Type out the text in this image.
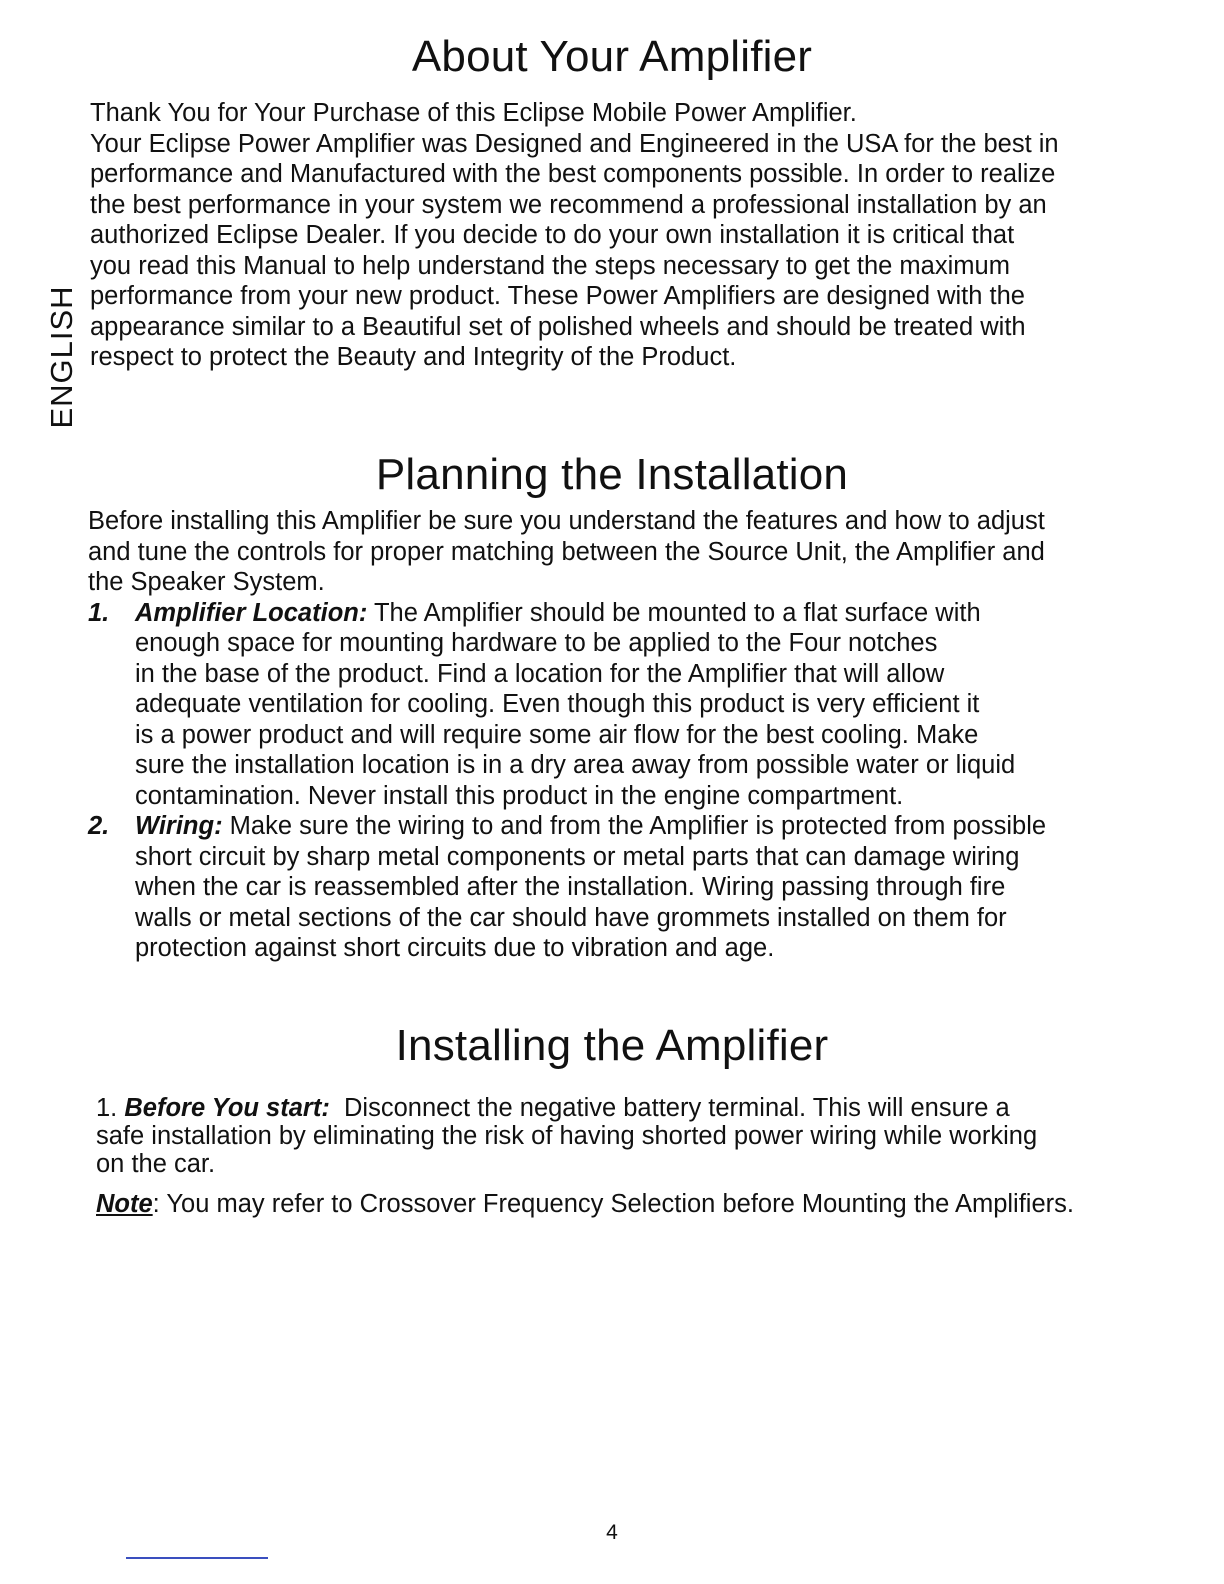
ENGLISH
About Your Amplifier

Thank You for Your Purchase of this Eclipse Mobile Power Amplifier.

Your Eclipse Power Amplifier was Designed and Engineered in the USA for the best in

performance and Manufactured with the best components possible. In order to realize

the best performance in your system we recommend a professional installation by an

authorized Eclipse Dealer. If you decide to do your own installation it is critical that

you read this Manual to help understand the steps necessary to get the maximum

performance from your new product. These Power Amplifiers are designed with the

appearance similar to a Beautiful set of polished wheels and should be treated with

respect to protect the Beauty and Integrity of the Product.

Planning the Installation

Before installing this Amplifier be sure you understand the features and how to adjust

and tune the controls for proper matching between the Source Unit, the Amplifier and

the Speaker System.

1. Amplifier Location: The Amplifier should be mounted to a flat surface with

enough space for mounting hardware to be applied to the Four notches

in the base of the product. Find a location for the Amplifier that will allow

adequate ventilation for cooling. Even though this product is very efficient it

is a power product and will require some air flow for the best cooling. Make

sure the installation location is in a dry area away from possible water or liquid

contamination. Never install this product in the engine compartment.

2. Wiring: Make sure the wiring to and from the Amplifier is protected from possible

short circuit by sharp metal components or metal parts that can damage wiring

when the car is reassembled after the installation. Wiring passing through fire

walls or metal sections of the car should have grommets installed on them for

protection against short circuits due to vibration and age.

Installing the Amplifier

1. Before You start:  Disconnect the negative battery terminal. This will ensure a

safe installation by eliminating the risk of having shorted power wiring while working

on the car.

Note: You may refer to Crossover Frequency Selection before Mounting the Amplifiers.

4
